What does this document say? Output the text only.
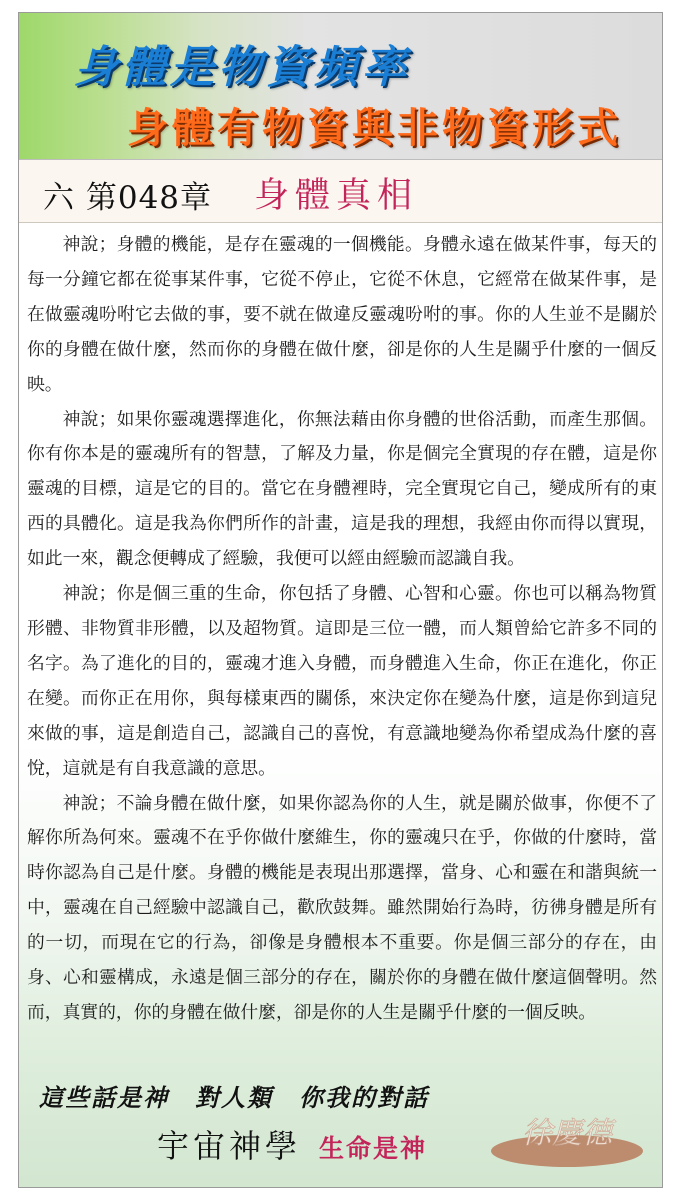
身體是物資頻率
身體有物資與非物資形式
六 第048章 身體真相

神說；身體的機能，是存在靈魂的一個機能。身體永遠在做某件事，每天的每一分鐘它都在從事某件事，它從不停止，它從不休息，它經常在做某件事，是在做靈魂吩咐它去做的事，要不就在做違反靈魂吩咐的事。你的人生並不是關於你的身體在做什麼，然而你的身體在做什麼，卻是你的人生是關乎什麼的一個反映。

神說；如果你靈魂選擇進化，你無法藉由你身體的世俗活動，而產生那個。你有你本是的靈魂所有的智慧，了解及力量，你是個完全實現的存在體，這是你靈魂的目標，這是它的目的。當它在身體裡時，完全實現它自己，變成所有的東西的具體化。這是我為你們所作的計畫，這是我的理想，我經由你而得以實現，如此一來，觀念便轉成了經驗，我便可以經由經驗而認識自我。

神說；你是個三重的生命，你包括了身體、心智和心靈。你也可以稱為物質形體、非物質非形體，以及超物質。這即是三位一體，而人類曾給它許多不同的名字。為了進化的目的，靈魂才進入身體，而身體進入生命，你正在進化，你正在變。而你正在用你，與每樣東西的關係，來決定你在變為什麼，這是你到這兒來做的事，這是創造自己，認識自己的喜悅，有意識地變為你希望成為什麼的喜悅，這就是有自我意識的意思。

神說；不論身體在做什麼，如果你認為你的人生，就是關於做事，你便不了解你所為何來。靈魂不在乎你做什麼維生，你的靈魂只在乎，你做的什麼時，當時你認為自己是什麼。身體的機能是表現出那選擇，當身、心和靈在和諧與統一中，靈魂在自己經驗中認識自己，歡欣鼓舞。雖然開始行為時，彷彿身體是所有的一切，而現在它的行為，卻像是身體根本不重要。你是個三部分的存在，由身、心和靈構成，永遠是個三部分的存在，關於你的身體在做什麼這個聲明。然而，真實的，你的身體在做什麼，卻是你的人生是關乎什麼的一個反映。

這些話是神　對人類　你我的對話
宇宙神學 生命是神	徐慶德
